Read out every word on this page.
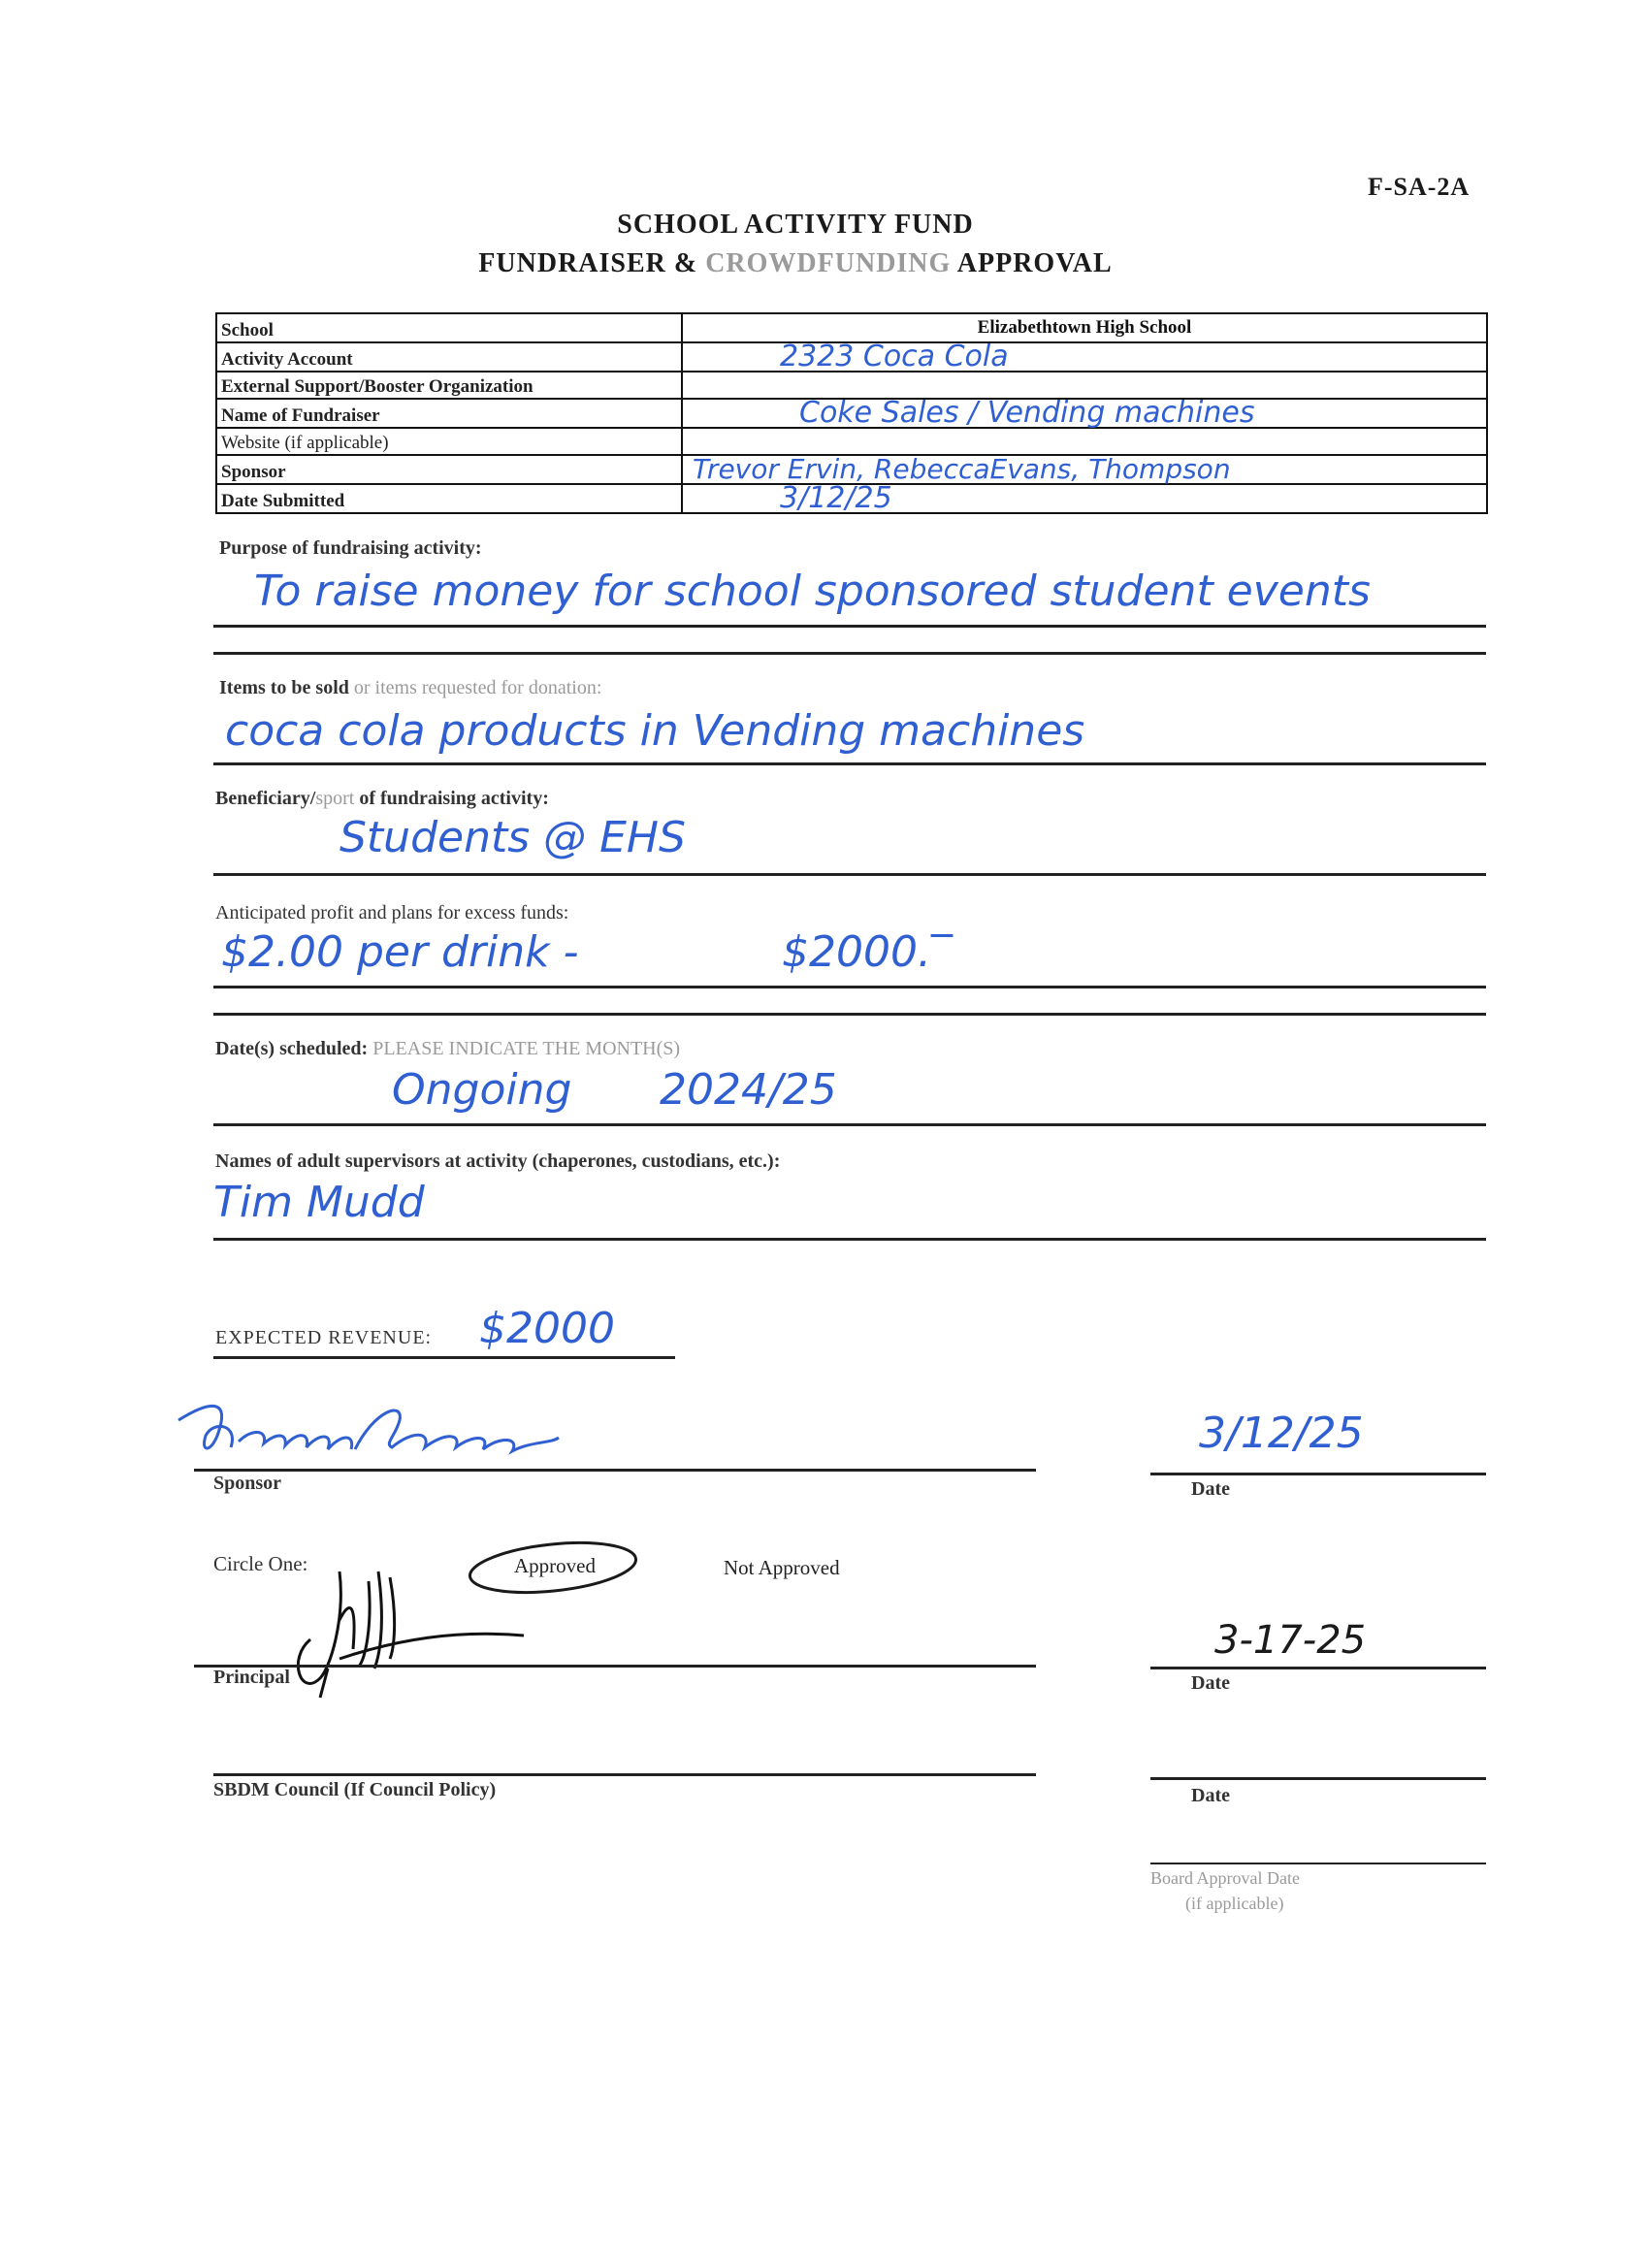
F-SA-2A
SCHOOL ACTIVITY FUND
FUNDRAISER & CROWDFUNDING APPROVAL
School	Elizabethtown High School
Activity Account	2323 Coca Cola
External Support/Booster Organization	
Name of Fundraiser	Coke Sales / Vending machines
Website (if applicable)	
Sponsor	Trevor Ervin, RebeccaEvans, Thompson
Date Submitted	3/12/25
Purpose of fundraising activity:
To raise money for school sponsored student events
Items to be sold or items requested for donation:
coca cola products in Vending machines
Beneficiary/sport of fundraising activity:
Students @ EHS
Anticipated profit and plans for excess funds:
$2.00 per drink -	$2000.‾
Date(s) scheduled: PLEASE INDICATE THE MONTH(S)
Ongoing 2024/25
Names of adult supervisors at activity (chaperones, custodians, etc.):
Tim Mudd
EXPECTED REVENUE: $2000
Sponsor
3/12/25
Date
Circle One:	Approved	Not Approved
Principal
3-17-25
Date
SBDM Council (If Council Policy)	Date
Board Approval Date
(if applicable)
